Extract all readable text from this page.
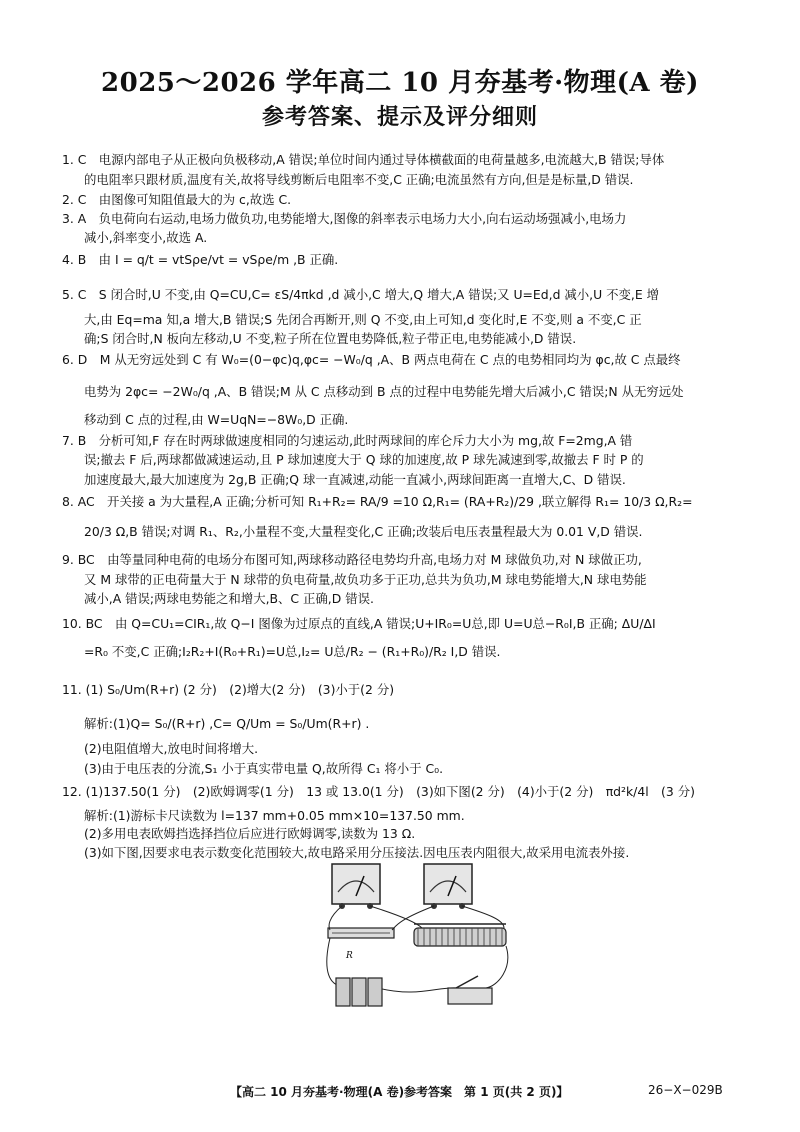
2025～2026 学年高二 10 月夯基考·物理(A 卷)
参考答案、提示及评分细则
1. C　电源内部电子从正极向负极移动,A 错误;单位时间内通过导体横截面的电荷量越多,电流越大,B 错误;导体
的电阻率只跟材质,温度有关,故将导线剪断后电阻率不变,C 正确;电流虽然有方向,但是是标量,D 错误.
2. C　由图像可知阻值最大的为 c,故选 C.
3. A　负电荷向右运动,电场力做负功,电势能增大,图像的斜率表示电场力大小,向右运动场强减小,电场力
减小,斜率变小,故选 A.
4. B　由 I = q/t = vtSρe/vt = vSρe/m ,B 正确.
5. C　S 闭合时,U 不变,由 Q=CU,C= εS/4πkd ,d 减小,C 增大,Q 增大,A 错误;又 U=Ed,d 减小,U 不变,E 增
大,由 Eq=ma 知,a 增大,B 错误;S 先闭合再断开,则 Q 不变,由上可知,d 变化时,E 不变,则 a 不变,C 正
确;S 闭合时,N 板向左移动,U 不变,粒子所在位置电势降低,粒子带正电,电势能减小,D 错误.
6. D　M 从无穷远处到 C 有 W₀=(0−φc)q,φc= −W₀/q ,A、B 两点电荷在 C 点的电势相同均为 φc,故 C 点最终
电势为 2φc= −2W₀/q ,A、B 错误;M 从 C 点移动到 B 点的过程中电势能先增大后减小,C 错误;N 从无穷远处
移动到 C 点的过程,由 W=UqN=−8W₀,D 正确.
7. B　分析可知,F 存在时两球做速度相同的匀速运动,此时两球间的库仑斥力大小为 mg,故 F=2mg,A 错
误;撤去 F 后,两球都做减速运动,且 P 球加速度大于 Q 球的加速度,故 P 球先减速到零,故撤去 F 时 P 的
加速度最大,最大加速度为 2g,B 正确;Q 球一直减速,动能一直减小,两球间距离一直增大,C、D 错误.
8. AC　开关接 a 为大量程,A 正确;分析可知 R₁+R₂= RA/9 =10 Ω,R₁= (RA+R₂)/29 ,联立解得 R₁= 10/3 Ω,R₂=
20/3 Ω,B 错误;对调 R₁、R₂,小量程不变,大量程变化,C 正确;改装后电压表量程最大为 0.01 V,D 错误.
9. BC　由等量同种电荷的电场分布图可知,两球移动路径电势均升高,电场力对 M 球做负功,对 N 球做正功,
又 M 球带的正电荷量大于 N 球带的负电荷量,故负功多于正功,总共为负功,M 球电势能增大,N 球电势能
减小,A 错误;两球电势能之和增大,B、C 正确,D 错误.
10. BC　由 Q=CU₁=CIR₁,故 Q−I 图像为过原点的直线,A 错误;U+IR₀=U总,即 U=U总−R₀I,B 正确; ΔU/ΔI
=R₀ 不变,C 正确;I₂R₂+I(R₀+R₁)=U总,I₂= U总/R₂ − (R₁+R₀)/R₂ I,D 错误.
11. (1) S₀/Um(R+r) (2 分)　(2)增大(2 分)　(3)小于(2 分)
解析:(1)Q= S₀/(R+r) ,C= Q/Um = S₀/Um(R+r) .
(2)电阻值增大,放电时间将增大.
(3)由于电压表的分流,S₁ 小于真实带电量 Q,故所得 C₁ 将小于 C₀.
12. (1)137.50(1 分)　(2)欧姆调零(1 分)　13 或 13.0(1 分)　(3)如下图(2 分)　(4)小于(2 分)　πd²k/4l　(3 分)
解析:(1)游标卡尺读数为 l=137 mm+0.05 mm×10=137.50 mm.
(2)多用电表欧姆挡选择挡位后应进行欧姆调零,读数为 13 Ω.
(3)如下图,因要求电表示数变化范围较大,故电路采用分压接法.因电压表内阻很大,故采用电流表外接.
R
【高二 10 月夯基考·物理(A 卷)参考答案　第 1 页(共 2 页)】	26−X−029B
